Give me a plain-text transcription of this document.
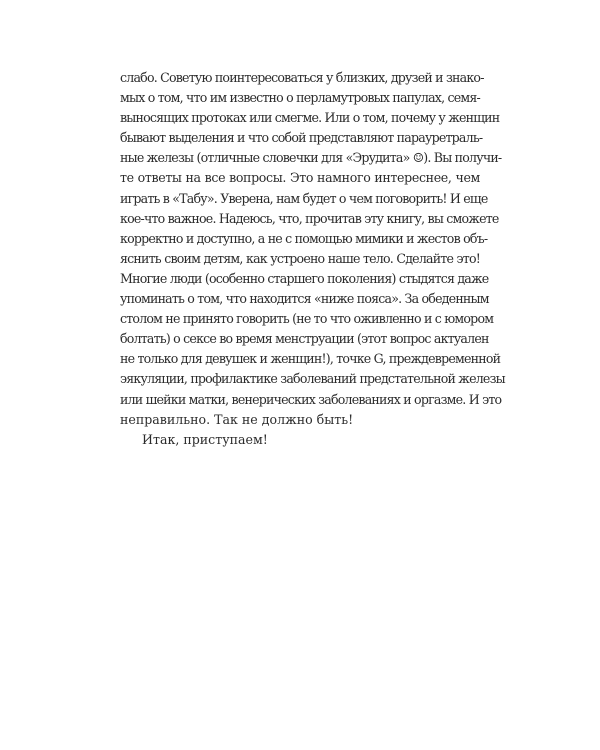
слабо. Советую поинтересоваться у близких, друзей и знако-
мых о том, что им известно о перламутровых папулах, семя-
выносящих протоках или смегме. Или о том, почему у женщин
бывают выделения и что собой представляют парауретраль-
ные железы (отличные словечки для «Эрудита» ☺). Вы получи-
те ответы на все вопросы. Это намного интереснее, чем
играть в «Табу». Уверена, нам будет о чем поговорить! И еще
кое-что важное. Надеюсь, что, прочитав эту книгу, вы сможете
корректно и доступно, а не с помощью мимики и жестов объ-
яснить своим детям, как устроено наше тело. Сделайте это!
Многие люди (особенно старшего поколения) стыдятся даже
упоминать о том, что находится «ниже пояса». За обеденным
столом не принято говорить (не то что оживленно и с юмором
болтать) о сексе во время менструации (этот вопрос актуален
не только для девушек и женщин!), точке G, преждевременной
эякуляции, профилактике заболеваний предстательной железы
или шейки матки, венерических заболеваниях и оргазме. И это
неправильно. Так не должно быть!
Итак, приступаем!
